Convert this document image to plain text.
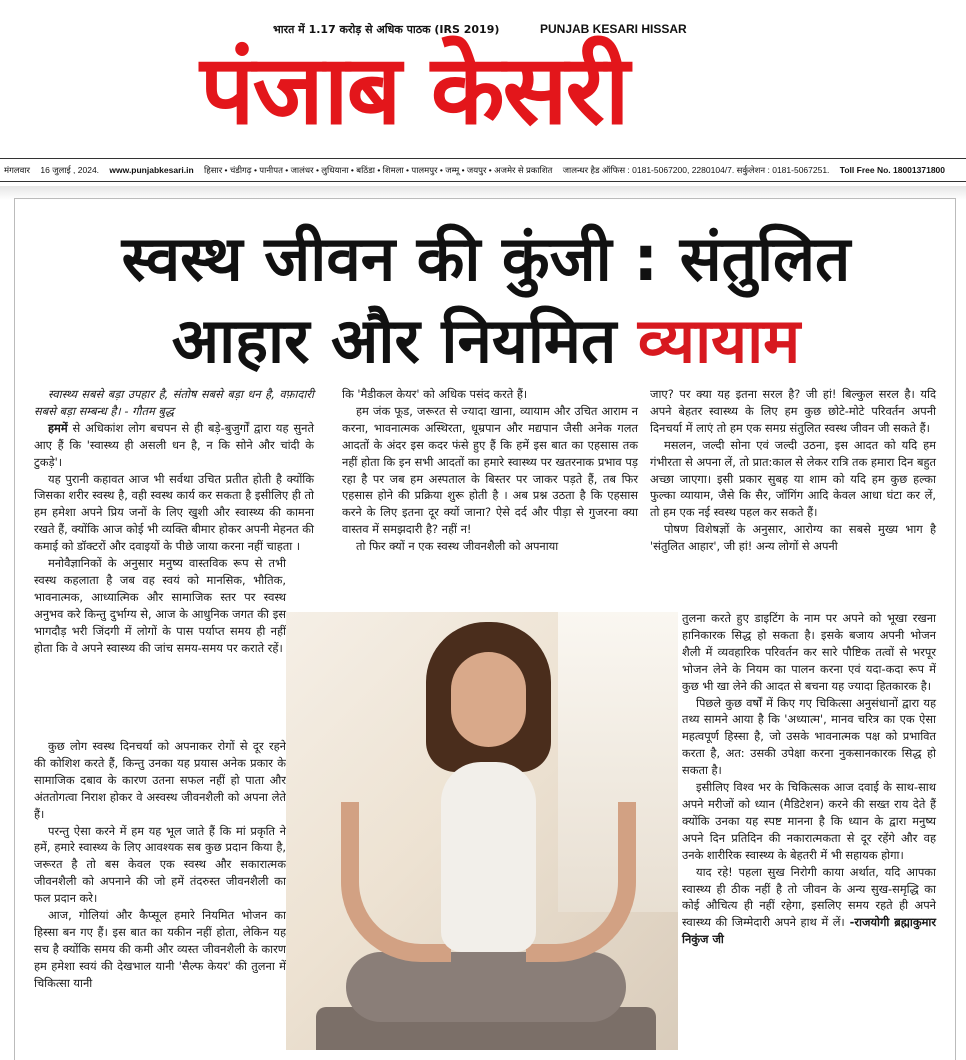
भारत में 1.17 करोड़ से अधिक पाठक (IRS 2019)	PUNJAB KESARI HISSAR
पंजाब केसरी
मंगलवार 16 जुलाई , 2024. www.punjabkesari.in हिसार • चंडीगढ़ • पानीपत • जालंधर • लुधियाना • बठिंडा • शिमला • पालमपुर • जम्मू • जयपुर • अजमेर से प्रकाशित जालन्धर हैड ऑफिस : 0181-5067200, 2280104/7. सर्कुलेशन : 0181-5067251. Toll Free No. 18001371800
स्वस्थ जीवन की कुंजी : संतुलित
आहार और नियमित व्यायाम

स्वास्थ्य सबसे बड़ा उपहार है, संतोष सबसे बड़ा धन है, वफ़ादारी सबसे बड़ा सम्बन्ध है। - गौतम बुद्ध

हममें से अधिकांश लोग बचपन से ही बड़े-बुजुर्गों द्वारा यह सुनते आए हैं कि 'स्वास्थ्य ही असली धन है, न कि सोने और चांदी के टुकड़े'।

यह पुरानी कहावत आज भी सर्वथा उचित प्रतीत होती है क्योंकि जिसका शरीर स्वस्थ है, वही स्वस्थ कार्य कर सकता है इसीलिए ही तो हम हमेशा अपने प्रिय जनों के लिए खुशी और स्वास्थ्य की कामना रखते हैं, क्योंकि आज कोई भी व्यक्ति बीमार होकर अपनी मेहनत की कमाई को डॉक्टरों और दवाइयों के पीछे जाया करना नहीं चाहता ।

मनोवैज्ञानिकों के अनुसार मनुष्य वास्तविक रूप से तभी स्वस्थ कहलाता है जब वह स्वयं को मानसिक, भौतिक, भावनात्मक, आध्यात्मिक और सामाजिक स्तर पर स्वस्थ अनुभव करे किन्तु दुर्भाग्य से, आज के आधुनिक जगत की इस भागदौड़ भरी जिंदगी में लोगों के पास पर्याप्त समय ही नहीं होता कि वे अपने स्वास्थ्य की जांच समय-समय पर कराते रहें।

कुछ लोग स्वस्थ दिनचर्या को अपनाकर रोगों से दूर रहने की कोशिश करते हैं, किन्तु उनका यह प्रयास अनेक प्रकार के सामाजिक दबाव के कारण उतना सफल नहीं हो पाता और अंततोगत्वा निराश होकर वे अस्वस्थ जीवनशैली को अपना लेते हैं।

परन्तु ऐसा करने में हम यह भूल जाते हैं कि मां प्रकृति ने हमें, हमारे स्वास्थ्य के लिए आवश्यक सब कुछ प्रदान किया है, जरूरत है तो बस केवल एक स्वस्थ और सकारात्मक जीवनशैली को अपनाने की जो हमें तंदरुस्त जीवनशैली का फल प्रदान करे।

आज, गोलियां और कैप्सूल हमारे नियमित भोजन का हिस्सा बन गए हैं। इस बात का यकीन नहीं होता, लेकिन यह सच है क्योंकि समय की कमी और व्यस्त जीवनशैली के कारण हम हमेशा स्वयं की देखभाल यानी 'सैल्फ केयर' की तुलना में चिकित्सा यानी

कि 'मैडीकल केयर' को अधिक पसंद करते हैं।

हम जंक फूड, जरूरत से ज्यादा खाना, व्यायाम और उचित आराम न करना, भावनात्मक अस्थिरता, धूम्रपान और मद्यपान जैसी अनेक गलत आदतों के अंदर इस कदर फंसे हुए हैं कि हमें इस बात का एहसास तक नहीं होता कि इन सभी आदतों का हमारे स्वास्थ्य पर खतरनाक प्रभाव पड़ रहा है पर जब हम अस्पताल के बिस्तर पर जाकर पड़ते हैं, तब फिर एहसास होने की प्रक्रिया शुरू होती है । अब प्रश्न उठता है कि एहसास करने के लिए इतना दूर क्यों जाना? ऐसे दर्द और पीड़ा से गुजरना क्या वास्तव में समझदारी है? नहीं न!

तो फिर क्यों न एक स्वस्थ जीवनशैली को अपनाया

जाए? पर क्या यह इतना सरल है? जी हां! बिल्कुल सरल है। यदि अपने बेहतर स्वास्थ्य के लिए हम कुछ छोटे-मोटे परिवर्तन अपनी दिनचर्या में लाएं तो हम एक समग्र संतुलित स्वस्थ जीवन जी सकते हैं।

मसलन, जल्दी सोना एवं जल्दी उठना, इस आदत को यदि हम गंभीरता से अपना लें, तो प्रात:काल से लेकर रात्रि तक हमारा दिन बहुत अच्छा जाएगा। इसी प्रकार सुबह या शाम को यदि हम कुछ हल्का फुल्का व्यायाम, जैसे कि सैर, जॉगिंग आदि केवल आधा घंटा कर लें, तो हम एक नई स्वस्थ पहल कर सकते हैं।

पोषण विशेषज्ञों के अनुसार, आरोग्य का सबसे मुख्य भाग है 'संतुलित आहार', जी हां! अन्य लोगों से अपनी

तुलना करते हुए डाइटिंग के नाम पर अपने को भूखा रखना हानिकारक सिद्ध हो सकता है। इसके बजाय अपनी भोजन शैली में व्यवहारिक परिवर्तन कर सारे पौष्टिक तत्वों से भरपूर भोजन लेने के नियम का पालन करना एवं यदा-कदा रूप में कुछ भी खा लेने की आदत से बचना यह ज्यादा हितकारक है।

पिछले कुछ वर्षों में किए गए चिकित्सा अनुसंधानों द्वारा यह तथ्य सामने आया है कि 'अध्यात्म', मानव चरित्र का एक ऐसा महत्वपूर्ण हिस्सा है, जो उसके भावनात्मक पक्ष को प्रभावित करता है, अत: उसकी उपेक्षा करना नुकसानकारक सिद्ध हो सकता है।

इसीलिए विश्व भर के चिकित्सक आज दवाई के साथ-साथ अपने मरीजों को ध्यान (मैडिटेशन) करने की सख्त राय देते हैं क्योंकि उनका यह स्पष्ट मानना है कि ध्यान के द्वारा मनुष्य अपने दिन प्रतिदिन की नकारात्मकता से दूर रहेंगे और वह उनके शारीरिक स्वास्थ्य के बेहतरी में भी सहायक होगा।

याद रहे! पहला सुख निरोगी काया अर्थात, यदि आपका स्वास्थ्य ही ठीक नहीं है तो जीवन के अन्य सुख-समृद्धि का कोई औचित्य ही नहीं रहेगा, इसलिए समय रहते ही अपने स्वास्थ्य की जिम्मेदारी अपने हाथ में लें। -राजयोगी ब्रह्माकुमार निकुंज जी
